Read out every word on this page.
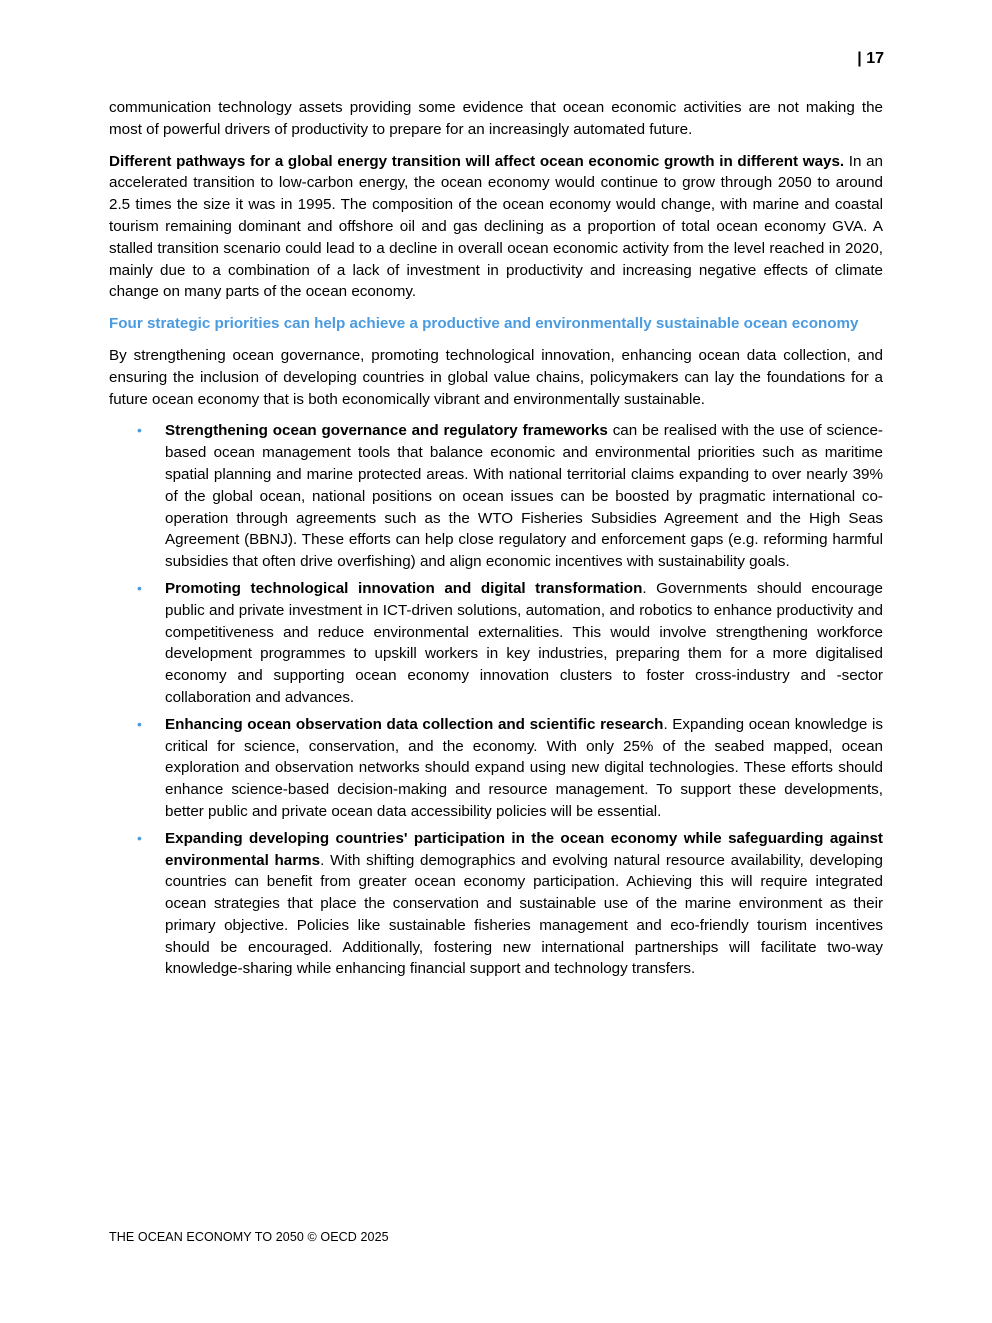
| 17

communication technology assets providing some evidence that ocean economic activities are not making the most of powerful drivers of productivity to prepare for an increasingly automated future.

Different pathways for a global energy transition will affect ocean economic growth in different ways. In an accelerated transition to low-carbon energy, the ocean economy would continue to grow through 2050 to around 2.5 times the size it was in 1995. The composition of the ocean economy would change, with marine and coastal tourism remaining dominant and offshore oil and gas declining as a proportion of total ocean economy GVA. A stalled transition scenario could lead to a decline in overall ocean economic activity from the level reached in 2020, mainly due to a combination of a lack of investment in productivity and increasing negative effects of climate change on many parts of the ocean economy.

Four strategic priorities can help achieve a productive and environmentally sustainable ocean economy

By strengthening ocean governance, promoting technological innovation, enhancing ocean data collection, and ensuring the inclusion of developing countries in global value chains, policymakers can lay the foundations for a future ocean economy that is both economically vibrant and environmentally sustainable.

• Strengthening ocean governance and regulatory frameworks can be realised with the use of science-based ocean management tools that balance economic and environmental priorities such as maritime spatial planning and marine protected areas. With national territorial claims expanding to over nearly 39% of the global ocean, national positions on ocean issues can be boosted by pragmatic international co-operation through agreements such as the WTO Fisheries Subsidies Agreement and the High Seas Agreement (BBNJ). These efforts can help close regulatory and enforcement gaps (e.g. reforming harmful subsidies that often drive overfishing) and align economic incentives with sustainability goals.
• Promoting technological innovation and digital transformation. Governments should encourage public and private investment in ICT-driven solutions, automation, and robotics to enhance productivity and competitiveness and reduce environmental externalities. This would involve strengthening workforce development programmes to upskill workers in key industries, preparing them for a more digitalised economy and supporting ocean economy innovation clusters to foster cross-industry and -sector collaboration and advances.
• Enhancing ocean observation data collection and scientific research. Expanding ocean knowledge is critical for science, conservation, and the economy. With only 25% of the seabed mapped, ocean exploration and observation networks should expand using new digital technologies. These efforts should enhance science-based decision-making and resource management. To support these developments, better public and private ocean data accessibility policies will be essential.
• Expanding developing countries' participation in the ocean economy while safeguarding against environmental harms. With shifting demographics and evolving natural resource availability, developing countries can benefit from greater ocean economy participation. Achieving this will require integrated ocean strategies that place the conservation and sustainable use of the marine environment as their primary objective. Policies like sustainable fisheries management and eco-friendly tourism incentives should be encouraged. Additionally, fostering new international partnerships will facilitate two-way knowledge-sharing while enhancing financial support and technology transfers.
THE OCEAN ECONOMY TO 2050 © OECD 2025
